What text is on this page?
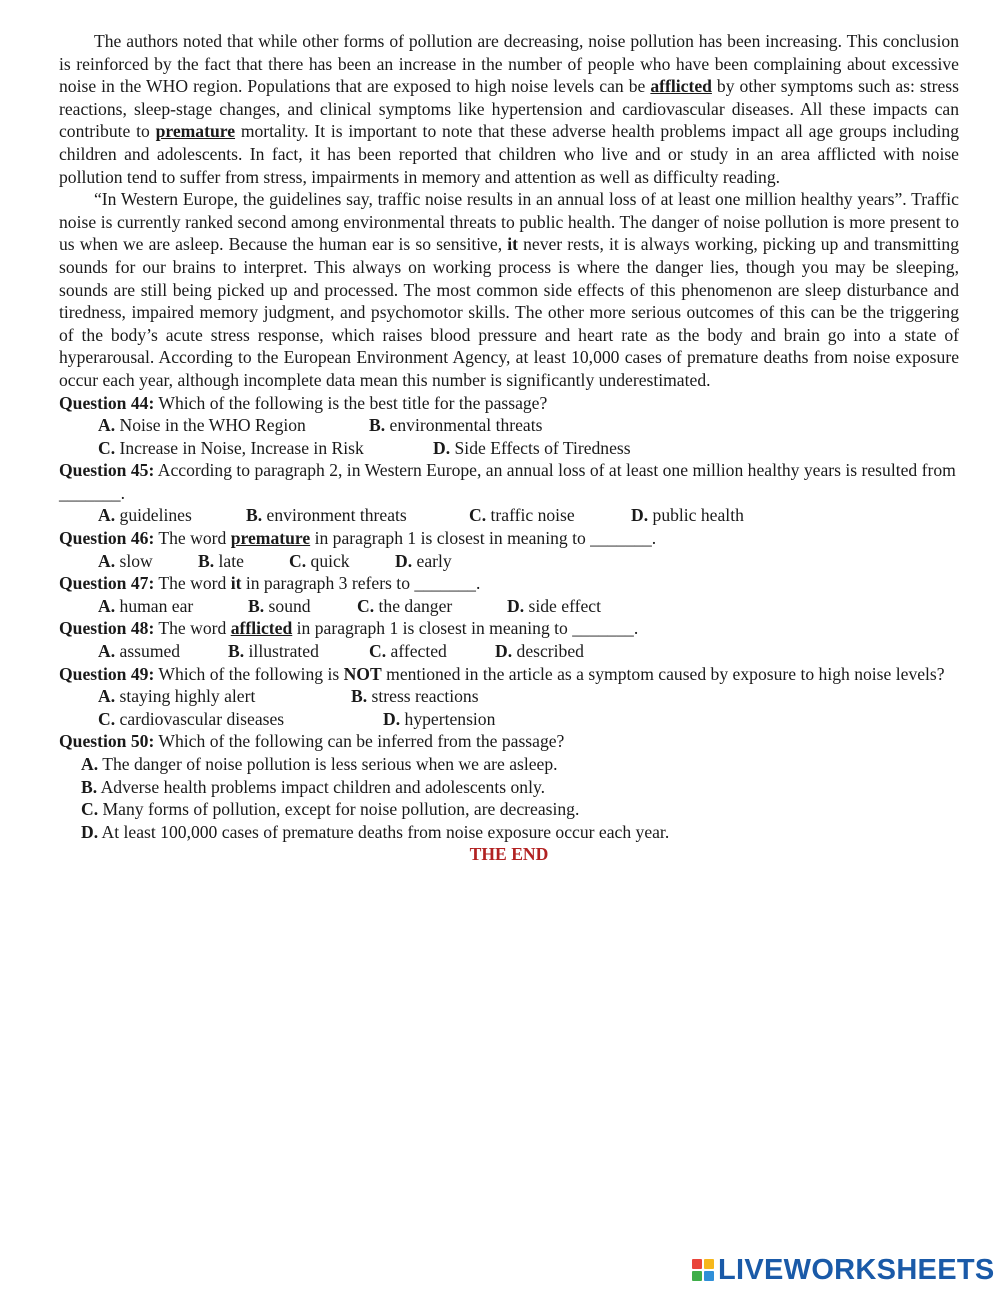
The authors noted that while other forms of pollution are decreasing, noise pollution has been increasing. This conclusion is reinforced by the fact that there has been an increase in the number of people who have been complaining about excessive noise in the WHO region. Populations that are exposed to high noise levels can be afflicted by other symptoms such as: stress reactions, sleep-stage changes, and clinical symptoms like hypertension and cardiovascular diseases. All these impacts can contribute to premature mortality. It is important to note that these adverse health problems impact all age groups including children and adolescents. In fact, it has been reported that children who live and or study in an area afflicted with noise pollution tend to suffer from stress, impairments in memory and attention as well as difficulty reading.

“In Western Europe, the guidelines say, traffic noise results in an annual loss of at least one million healthy years”. Traffic noise is currently ranked second among environmental threats to public health. The danger of noise pollution is more present to us when we are asleep. Because the human ear is so sensitive, it never rests, it is always working, picking up and transmitting sounds for our brains to interpret. This always on working process is where the danger lies, though you may be sleeping, sounds are still being picked up and processed. The most common side effects of this phenomenon are sleep disturbance and tiredness, impaired memory judgment, and psychomotor skills. The other more serious outcomes of this can be the triggering of the body’s acute stress response, which raises blood pressure and heart rate as the body and brain go into a state of hyperarousal. According to the European Environment Agency, at least 10,000 cases of premature deaths from noise exposure occur each year, although incomplete data mean this number is significantly underestimated.

Question 44: Which of the following is the best title for the passage?

A. Noise in the WHO Region	B. environmental threats

C. Increase in Noise, Increase in Risk	D. Side Effects of Tiredness

Question 45: According to paragraph 2, in Western Europe, an annual loss of at least one million healthy years is resulted from _______.

A. guidelines	B. environment threats	C. traffic noise	D. public health

Question 46: The word premature in paragraph 1 is closest in meaning to _______.

A. slow	B. late	C. quick	D. early

Question 47: The word it in paragraph 3 refers to _______.

A. human ear	B. sound	C. the danger	D. side effect

Question 48: The word afflicted in paragraph 1 is closest in meaning to _______.

A. assumed	B. illustrated	C. affected	D. described

Question 49: Which of the following is NOT mentioned in the article as a symptom caused by exposure to high noise levels?

A. staying highly alert	B. stress reactions

C. cardiovascular diseases	D. hypertension

Question 50: Which of the following can be inferred from the passage?

A. The danger of noise pollution is less serious when we are asleep.

B. Adverse health problems impact children and adolescents only.

C. Many forms of pollution, except for noise pollution, are decreasing.

D. At least 100,000 cases of premature deaths from noise exposure occur each year.

THE END

LIVEWORKSHEETS
